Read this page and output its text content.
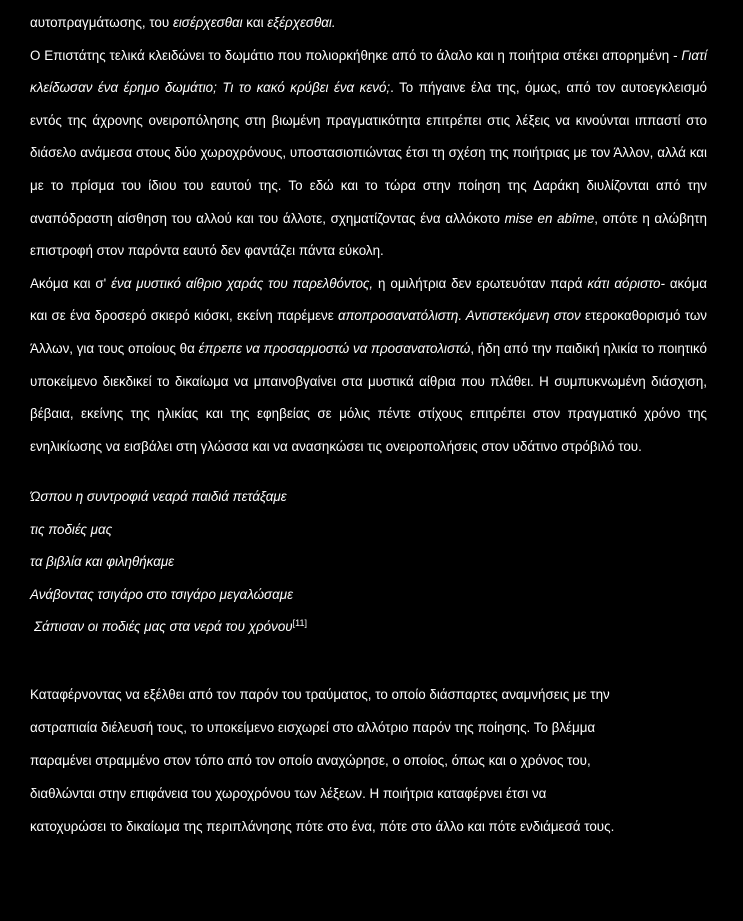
αυτοπραγμάτωσης, του εισέρχεσθαι και εξέρχεσθαι.

Ο Επιστάτης τελικά κλειδώνει το δωμάτιο που πολιορκήθηκε από το άλαλο και η ποιήτρια στέκει απορημένη - Γιατί κλείδωσαν ένα έρημο δωμάτιο; Τι το κακό κρύβει ένα κενό;. Το πήγαινε έλα της, όμως, από τον αυτοεγκλεισμό εντός της άχρονης ονειροπόλησης στη βιωμένη πραγματικότητα επιτρέπει στις λέξεις να κινούνται ιππαστί στο διάσελο ανάμεσα στους δύο χωροχρόνους, υποστασιοπιώντας έτσι τη σχέση της ποιήτριας με τον Άλλον, αλλά και με το πρίσμα του ίδιου του εαυτού της. Το εδώ και το τώρα στην ποίηση της Δαράκη διυλίζονται από την αναπόδραστη αίσθηση του αλλού και του άλλοτε, σχηματίζοντας ένα αλλόκοτο mise en abîme, οπότε η αλώβητη επιστροφή στον παρόντα εαυτό δεν φαντάζει πάντα εύκολη.

Ακόμα και σ' ένα μυστικό αίθριο χαράς του παρελθόντος, η ομιλήτρια δεν ερωτευόταν παρά κάτι αόριστο- ακόμα και σε ένα δροσερό σκιερό κιόσκι, εκείνη παρέμενε αποπροσανατόλιστη. Αντιστεκόμενη στον ετεροκαθορισμό των Άλλων, για τους οποίους θα έπρεπε να προσαρμοστώ να προσανατολιστώ, ήδη από την παιδική ηλικία το ποιητικό υποκείμενο διεκδικεί το δικαίωμα να μπαινοβγαίνει στα μυστικά αίθρια που πλάθει. Η συμπυκνωμένη διάσχιση, βέβαια, εκείνης της ηλικίας και της εφηβείας σε μόλις πέντε στίχους επιτρέπει στον πραγματικό χρόνο της ενηλικίωσης να εισβάλει στη γλώσσα και να ανασηκώσει τις ονειροπολήσεις στον υδάτινο στρόβιλό του.

Ώσπου η συντροφιά νεαρά παιδιά πετάξαμε
τις ποδιές μας
τα βιβλία και φιληθήκαμε
Ανάβοντας τσιγάρο στο τσιγάρο μεγαλώσαμε
Σάπισαν οι ποδιές μας στα νερά του χρόνου[11]
Καταφέρνοντας να εξέλθει από τον παρόν του τραύματος, το οποίο διάσπαρτες αναμνήσεις με την
αστραπιαία διέλευσή τους, το υποκείμενο εισχωρεί στο αλλότριο παρόν της ποίησης. Το βλέμμα
παραμένει στραμμένο στον τόπο από τον οποίο αναχώρησε, ο οποίος, όπως και ο χρόνος του,
διαθλώνται στην επιφάνεια του χωροχρόνου των λέξεων. Η ποιήτρια καταφέρνει έτσι να
κατοχυρώσει το δικαίωμα της περιπλάνησης πότε στο ένα, πότε στο άλλο και πότε ενδιάμεσά τους.
